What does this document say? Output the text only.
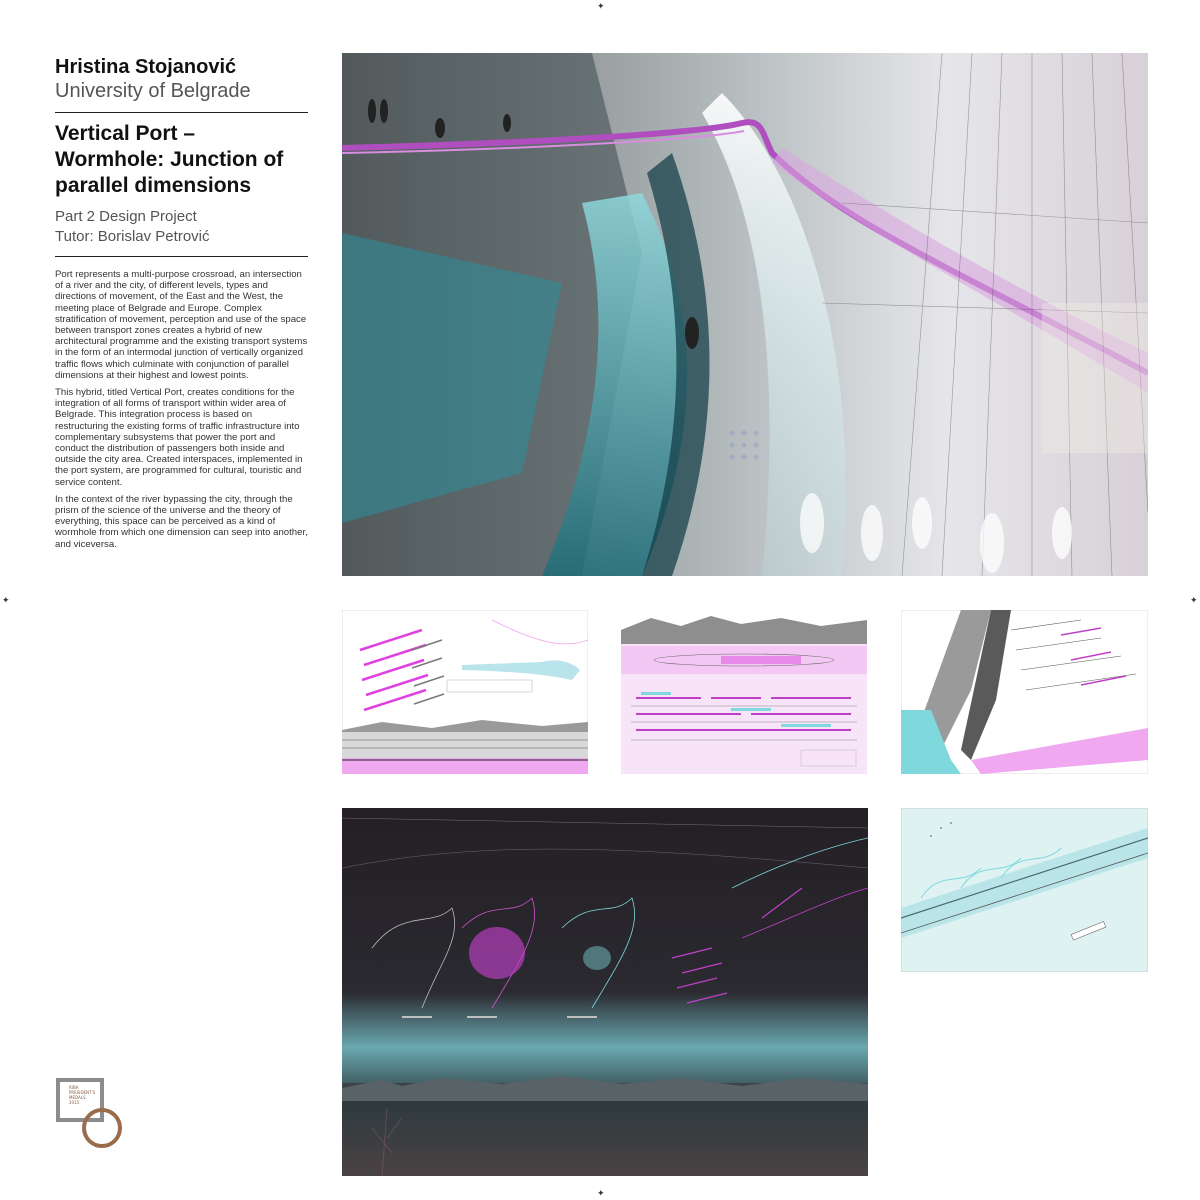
✦
✦
✦	✦
Hristina Stojanović
University of Belgrade
Vertical Port –
Wormhole: Junction of
parallel dimensions
Part 2 Design Project
Tutor: Borislav Petrović

Port represents a multi-purpose crossroad, an intersection of a river and the city, of different levels, types and directions of movement, of the East and the West, the meeting place of Belgrade and Europe. Complex stratification of movement, perception and use of the space between transport zones creates a hybrid of new architectural programme and the existing transport systems in the form of an intermodal junction of vertically organized traffic flows which culminate with conjunction of parallel dimensions at their highest and lowest points.

This hybrid, titled Vertical Port, creates conditions for the integration of all forms of transport within wider area of Belgrade. This integration process is based on restructuring the existing forms of traffic infrastructure into complementary subsystems that power the port and conduct the distribution of passengers both inside and outside the city area. Created interspaces, implemented in the port system, are programmed for cultural, touristic and service content.

In the context of the river bypassing the city, through the prism of the science of the universe and the theory of everything, this space can be perceived as a kind of wormhole from which one dimension can seep into another, and viceversa.

RIBA
PRESIDENT'S
MEDALS
2015
